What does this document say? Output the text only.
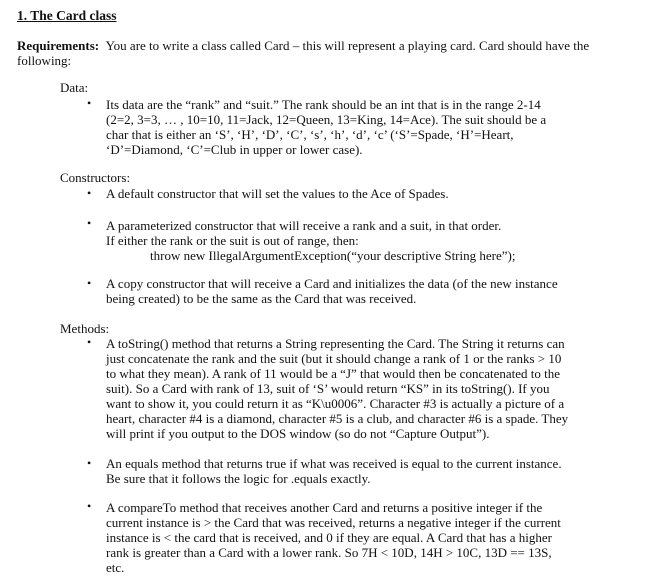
1. The Card class
Requirements: You are to write a class called Card – this will represent a playing card. Card should have the following:
Data:
• Its data are the “rank” and “suit.” The rank should be an int that is in the range 2-14
(2=2, 3=3, … , 10=10, 11=Jack, 12=Queen, 13=King, 14=Ace). The suit should be a
char that is either an ‘S’, ‘H’, ‘D’, ‘C’, ‘s’, ‘h’, ‘d’, ‘c’ (‘S’=Spade, ‘H’=Heart,
‘D’=Diamond, ‘C’=Club in upper or lower case).
Constructors:
• A default constructor that will set the values to the Ace of Spades.
• A parameterized constructor that will receive a rank and a suit, in that order.
If either the rank or the suit is out of range, then:
throw new IllegalArgumentException(“your descriptive String here”);
• A copy constructor that will receive a Card and initializes the data (of the new instance
being created) to be the same as the Card that was received.
Methods:
• A toString() method that returns a String representing the Card. The String it returns can
just concatenate the rank and the suit (but it should change a rank of 1 or the ranks > 10
to what they mean). A rank of 11 would be a “J” that would then be concatenated to the
suit). So a Card with rank of 13, suit of ‘S’ would return “KS” in its toString(). If you
want to show it, you could return it as “K\u0006”. Character #3 is actually a picture of a
heart, character #4 is a diamond, character #5 is a club, and character #6 is a spade. They
will print if you output to the DOS window (so do not “Capture Output”).
• An equals method that returns true if what was received is equal to the current instance.
Be sure that it follows the logic for .equals exactly.
• A compareTo method that receives another Card and returns a positive integer if the
current instance is > the Card that was received, returns a negative integer if the current
instance is < the card that is received, and 0 if they are equal. A Card that has a higher
rank is greater than a Card with a lower rank. So 7H < 10D, 14H > 10C, 13D == 13S,
etc.
